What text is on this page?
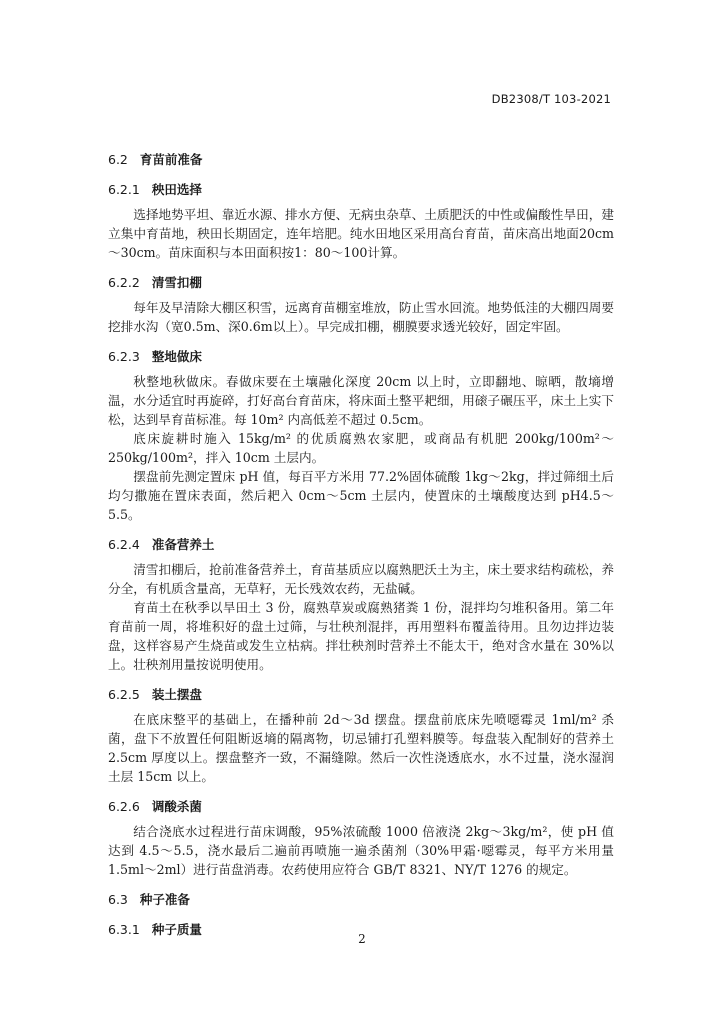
DB2308/T 103-2021
6.2 育苗前准备
6.2.1 秧田选择

选择地势平坦、靠近水源、排水方便、无病虫杂草、土质肥沃的中性或偏酸性旱田，建立集中育苗地，秧田长期固定，连年培肥。纯水田地区采用高台育苗，苗床高出地面20cm～30cm。苗床面积与本田面积按1：80～100计算。

6.2.2 清雪扣棚

每年及早清除大棚区积雪，远离育苗棚室堆放，防止雪水回流。地势低洼的大棚四周要挖排水沟（宽0.5m、深0.6m以上）。早完成扣棚，棚膜要求透光较好，固定牢固。

6.2.3 整地做床

秋整地秋做床。春做床要在土壤融化深度 20cm 以上时，立即翻地、晾晒，散墒增温，水分适宜时再旋碎，打好高台育苗床，将床面土整平耙细，用磙子碾压平，床土上实下松，达到旱育苗标准。每 10m² 内高低差不超过 0.5cm。

底床旋耕时施入 15kg/m² 的优质腐熟农家肥，或商品有机肥 200kg/100m²～250kg/100m²，拌入 10cm 土层内。

摆盘前先测定置床 pH 值，每百平方米用 77.2%固体硫酸 1kg～2kg，拌过筛细土后均匀撒施在置床表面，然后耙入 0cm～5cm 土层内，使置床的土壤酸度达到 pH4.5～5.5。

6.2.4 准备营养土

清雪扣棚后，抢前准备营养土，育苗基质应以腐熟肥沃土为主，床土要求结构疏松，养分全，有机质含量高，无草籽，无长残效农药，无盐碱。

育苗土在秋季以旱田土 3 份，腐熟草炭或腐熟猪粪 1 份，混拌均匀堆积备用。第二年育苗前一周，将堆积好的盘土过筛，与壮秧剂混拌，再用塑料布覆盖待用。且勿边拌边装盘，这样容易产生烧苗或发生立枯病。拌壮秧剂时营养土不能太干，绝对含水量在 30%以上。壮秧剂用量按说明使用。

6.2.5 装土摆盘

在底床整平的基础上，在播种前 2d～3d 摆盘。摆盘前底床先喷噁霉灵 1ml/m² 杀菌，盘下不放置任何阻断返墒的隔离物，切忌铺打孔塑料膜等。每盘装入配制好的营养土 2.5cm 厚度以上。摆盘整齐一致，不漏缝隙。然后一次性浇透底水，水不过量，浇水湿润土层 15cm 以上。

6.2.6 调酸杀菌

结合浇底水过程进行苗床调酸，95%浓硫酸 1000 倍液浇 2kg～3kg/m²，使 pH 值达到 4.5～5.5，浇水最后二遍前再喷施一遍杀菌剂（30%甲霜·噁霉灵，每平方米用量 1.5ml～2ml）进行苗盘消毒。农药使用应符合 GB/T 8321、NY/T 1276 的规定。

6.3 种子准备
6.3.1 种子质量
2
